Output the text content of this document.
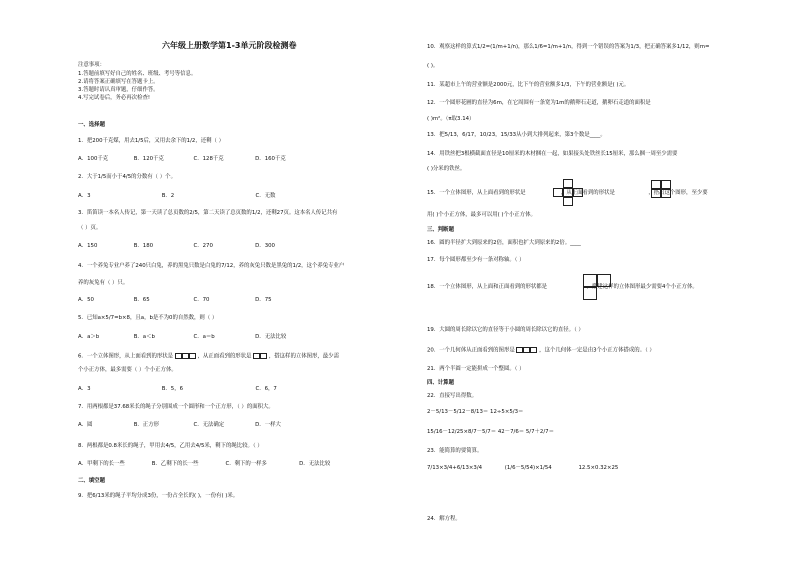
六年级上册数学第1-3单元阶段检测卷
注意事项：
1.答题前填写好自己的姓名、班级、考号等信息。
2.请将答案正确填写在答题卡上。
3.答题时请认真审题，仔细作答。
4.写完试卷后，务必再次检查!
一、选择题
1．把200千克煤，用去1/5后，又用去余下的1/2，还剩（ ）
A．100千克	B．120千克	C．128千克	D．160千克
2．大于1/5而小于4/5的分数有（ ）个。
A．3	B．2	C．无数
3．笛笛读一本名人传记，第一天读了总页数的2/5，第二天读了总页数的1/2，还剩27页。这本名人传记共有
（ ）页。
A．150	B．180	C．270	D．300
4．一个养兔专业户养了240只白兔，养的黑兔只数是白兔的7/12，养的灰兔只数是黑兔的1/2，这个养兔专业户
养的灰兔有（ ）只。
A．50	B．65	C．70	D．75
5．已知a×5/7=b×8，且a，b是不为0的自然数，则（ ）
A．a＞b	B．a＜b	C．a＝b	D．无法比较
6．一个立体图形，从上面看到的形状是	，从正面看到的形状是	，搭这样的立体图形，最少需
个小正方体，最多需要（ ）个小正方体。
A．3	B．5，6	C．6，7
7．用两根都是37.68米长的绳子分别围成一个圆形和一个正方形，（ ）的面积大。
A．圆	B．正方形	C．无法确定	D．一样大
8．两根都是0.8米长的绳子，甲用去4/5，乙用去4/5米，剩下的绳比较。（ ）
A．甲剩下的长一些	B．乙剩下的长一些	C．剩下的一样多	D．无法比较
二、填空题
9．把6/13米的绳子平均分成3份，一份占全长的( )，一份有( )米。
10．观察这样的算式1/2=(1/m+1/n)，那么1/6=1/m+1/n，得到一个错误的答案为1/3，把正确答案多1/12，则m=
( )。
11．某超市上午的营业额是2000元，比下午的营业额多1/3，下午的营业额是( )元。
12．一个圆形花圃的直径为6m，在它周围有一条宽为1m的鹅卵石走道，鹅卵石走道的面积是
( )m²。（π取3.14）
13．把5/13，6/17，10/23，15/33从小到大排列起来，第3个数是____。
14．用铁丝把3根横截面直径是10厘米的木材捆在一起，如果接头处铁丝长15厘米，那么捆一周至少需要
( )分米的铁丝。
15．一个立体图形，从上面看到的形状是	，从正面看到的形状是	，搭出这个图形，至少要
用( )个小正方体，最多可以用( )个小正方体。
三、判断题
16．圆的半径扩大到原来的2倍，面积也扩大到原来的2倍。____
17．每个圆形都至少有一条对称轴。（ ）
18．一个立体图形，从上面和正面看到的形状都是	，搭建这样的立体图形最少需要4个小正方体。
19．大圆的周长除以它的直径等于小圆的周长除以它的直径。（ ）
20．一个几何体从正面看到的图形是	，这个几何体一定是由3个小正方体搭成的。（ ）
21．两个半圆一定能拼成一个整圆。（ ）
四、计算题
22．直接写出得数。
2－5/13－5/12－8/13＝ 12÷5×5/3＝
15/16－12/25×8/7－5/7＝ 42－7/6＝ 5/7＋2/7＝
23．能简算的要简算。
7/13×3/4+6/13×3/4	(1/6－5/54)×1/54	12.5×0.32×25
24．解方程。
